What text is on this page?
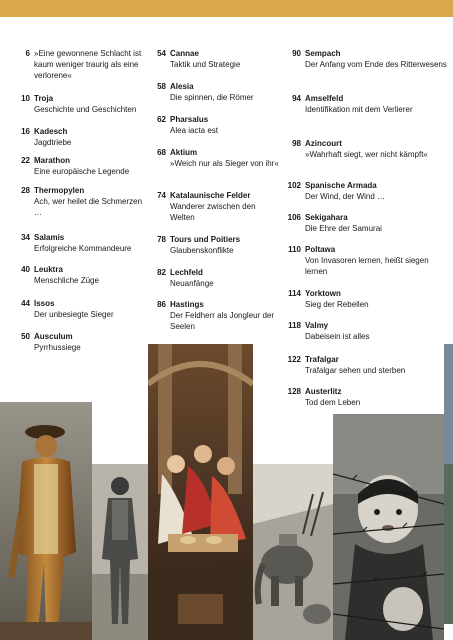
6 »Eine gewonnene Schlacht ist kaum weniger traurig als eine verlorene«
10 Troja
Geschichte und Geschichten
16 Kadesch
Jagdtriebe
22 Marathon
Eine europäische Legende
28 Thermopylen
Ach, wer heilet die Schmerzen …
34 Salamis
Erfolgreiche Kommandeure
40 Leuktra
Menschliche Züge
44 Issos
Der unbesiegte Sieger
50 Ausculum
Pyrrhussiege
54 Cannae
Taktik und Strategie
58 Alesia
Die spinnen, die Römer
62 Pharsalus
Alea iacta est
68 Aktium
»Weich nur als Sieger von ihr«
74 Katalaunische Felder
Wanderer zwischen den Welten
78 Tours und Poitiers
Glaubenskonflikte
82 Lechfeld
Neuanfänge
86 Hastings
Der Feldherr als Jongleur der Seelen
90 Sempach
Der Anfang vom Ende des Ritterwesens
94 Amselfeld
Identifikation mit dem Verlierer
98 Azincourt
»Wahrhaft siegt, wer nicht kämpft«
102 Spanische Armada
Der Wind, der Wind …
106 Sekigahara
Die Ehre der Samurai
110 Poltawa
Von Invasoren lernen, heißt siegen lernen
114 Yorktown
Sieg der Rebellen
118 Valmy
Dabeisein ist alles
122 Trafalgar
Trafalgar sehen und sterben
128 Austerlitz
Tod dem Leben
